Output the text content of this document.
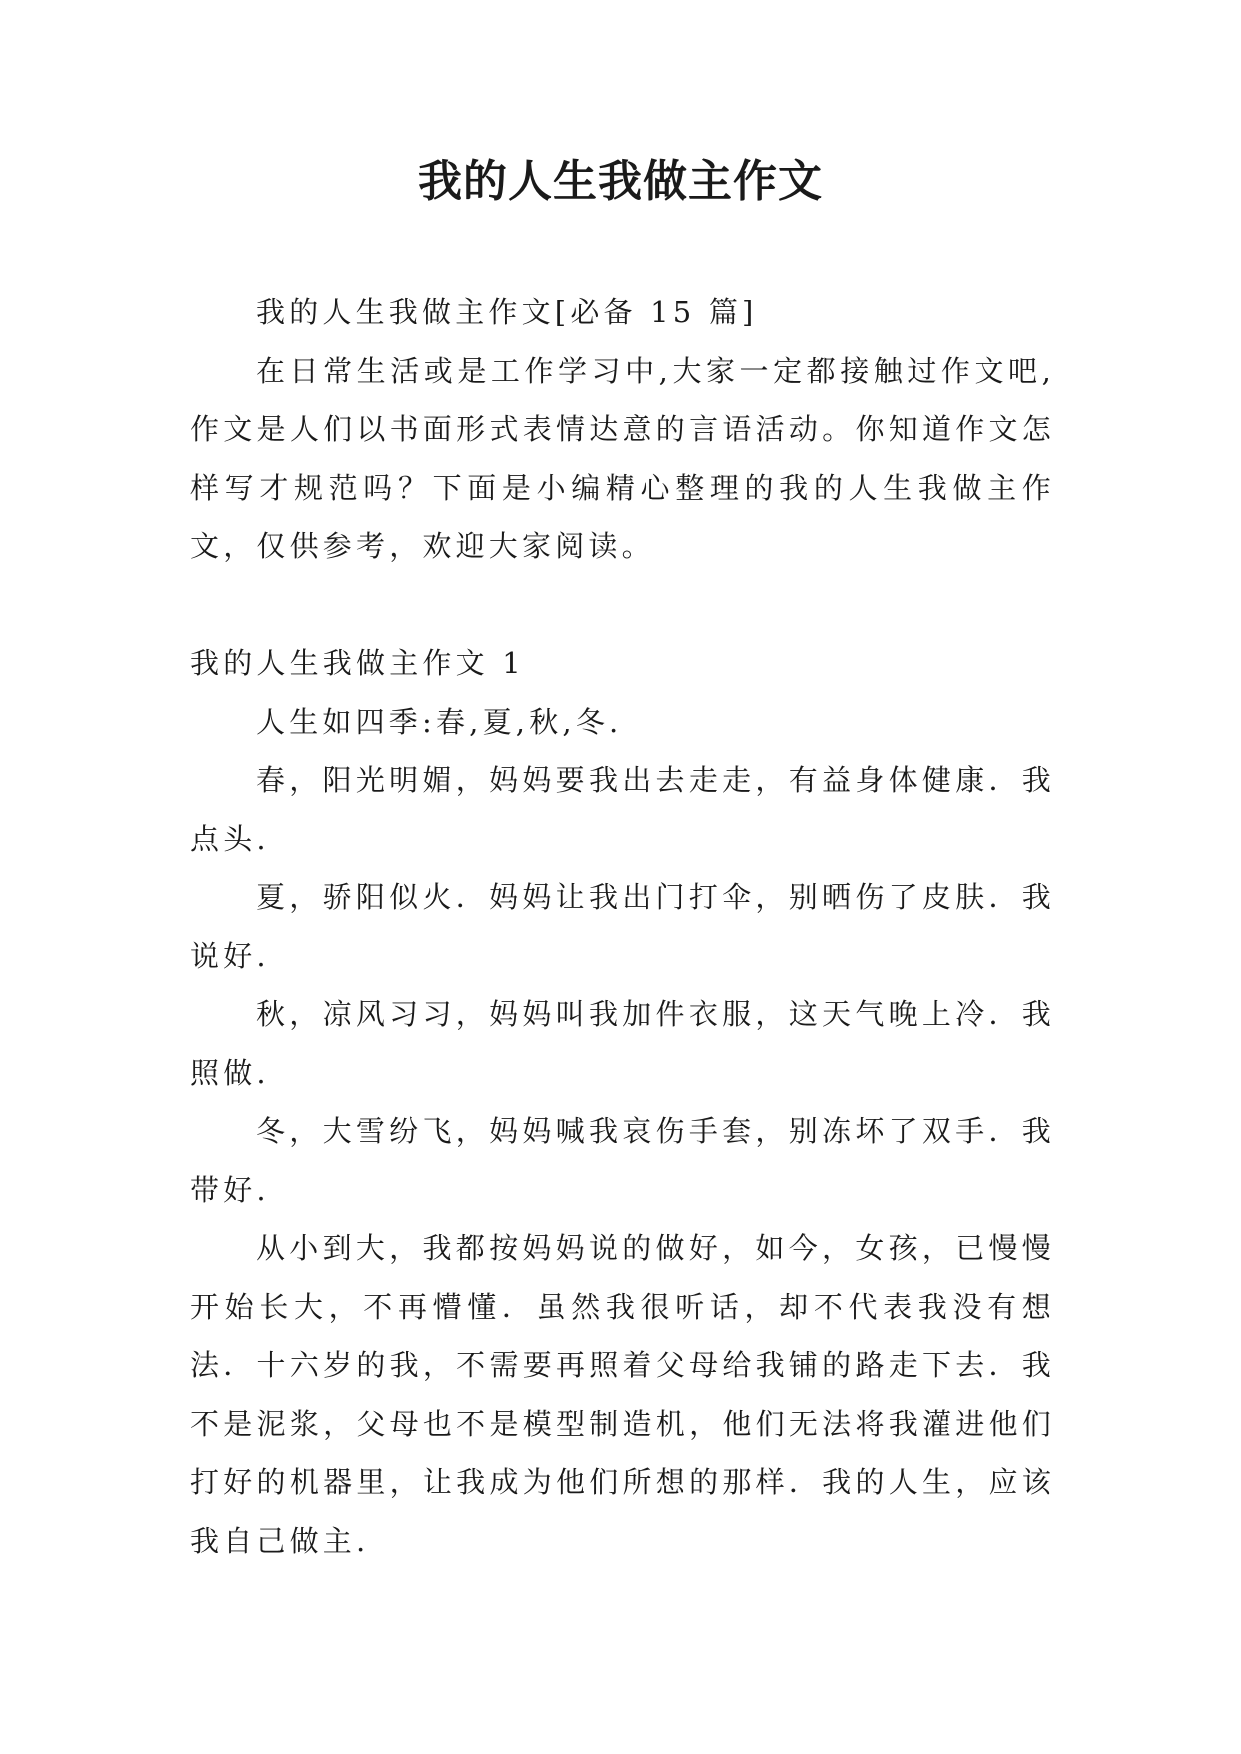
我的人生我做主作文

我的人生我做主作文[必备 15 篇]

在日常生活或是工作学习中,大家一定都接触过作文吧,作文是人们以书面形式表情达意的言语活动。你知道作文怎样写才规范吗？下面是小编精心整理的我的人生我做主作文，仅供参考，欢迎大家阅读。

我的人生我做主作文 1

人生如四季:春,夏,秋,冬.

春，阳光明媚，妈妈要我出去走走，有益身体健康．我点头.

夏，骄阳似火．妈妈让我出门打伞，别晒伤了皮肤．我说好.

秋，凉风习习，妈妈叫我加件衣服，这天气晚上冷．我照做.

冬，大雪纷飞，妈妈喊我哀伤手套，别冻坏了双手．我带好.

从小到大，我都按妈妈说的做好，如今，女孩，已慢慢开始长大，不再懵懂．虽然我很听话，却不代表我没有想法．十六岁的我，不需要再照着父母给我铺的路走下去．我不是泥浆，父母也不是模型制造机，他们无法将我灌进他们打好的机器里，让我成为他们所想的那样．我的人生，应该我自己做主.
